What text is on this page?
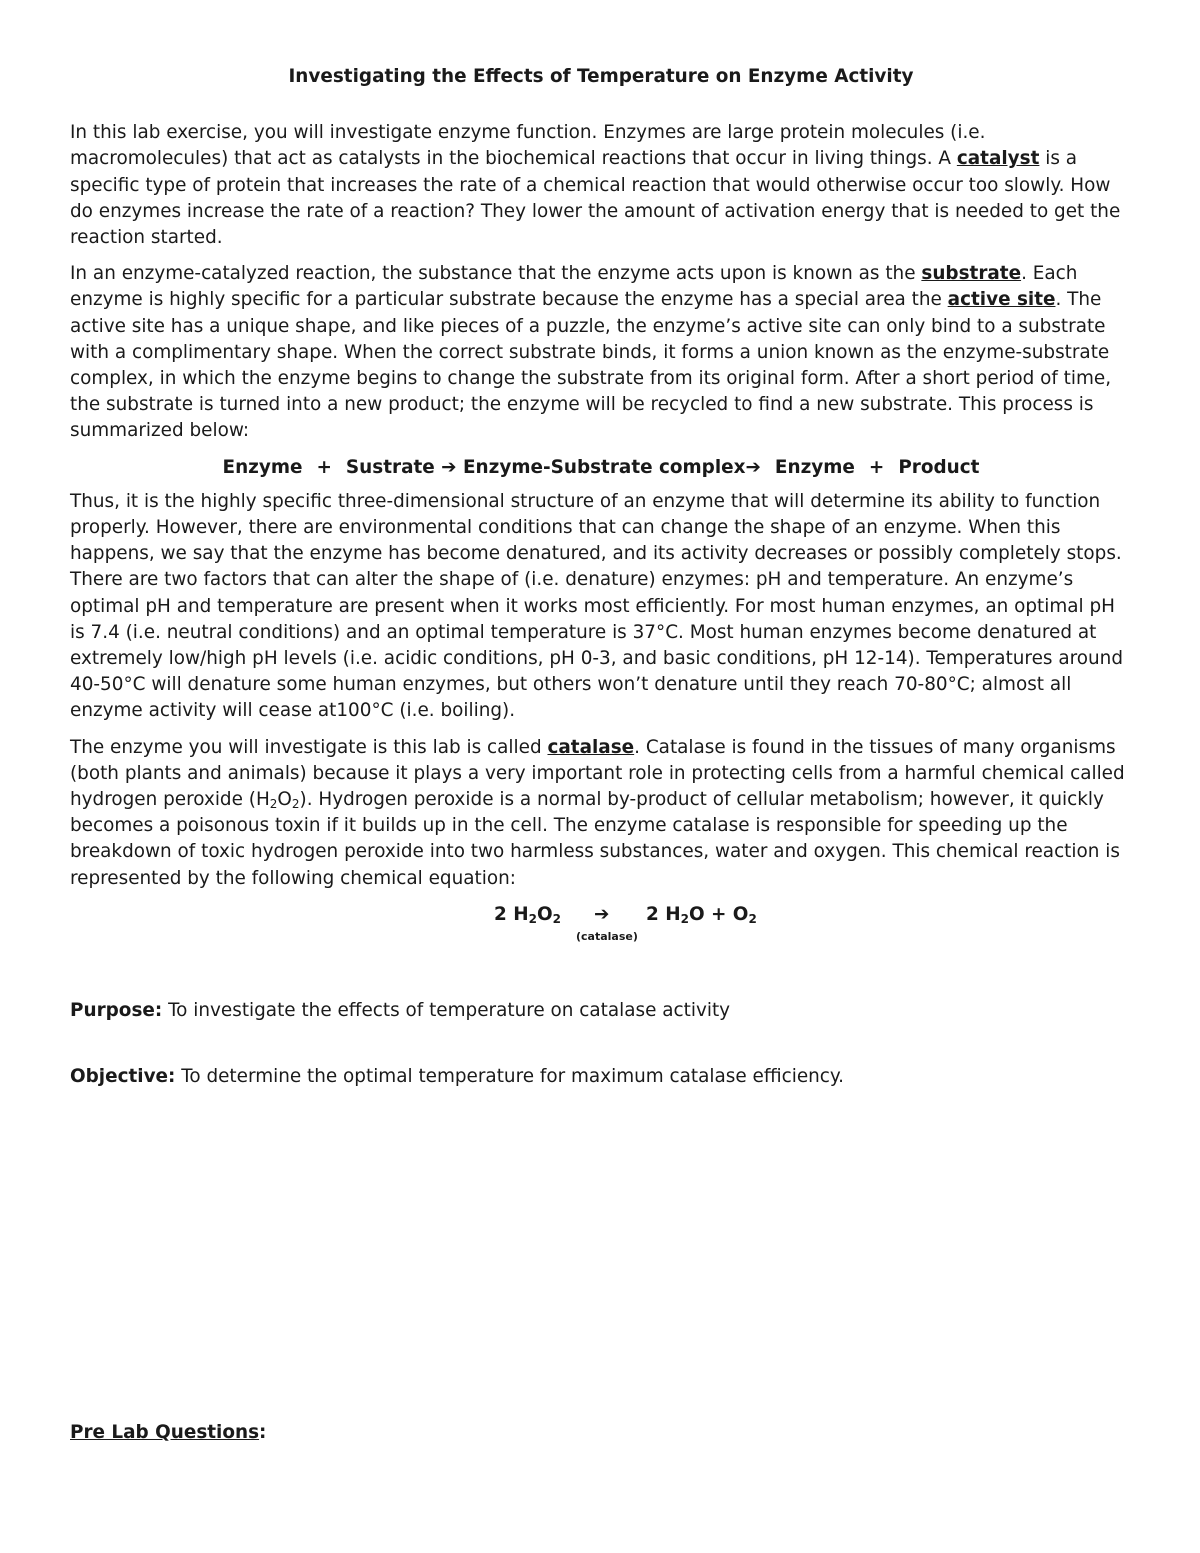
Investigating the Effects of Temperature on Enzyme Activity

In this lab exercise, you will investigate enzyme function. Enzymes are large protein molecules (i.e. macromolecules) that act as catalysts in the biochemical reactions that occur in living things. A catalyst is a specific type of protein that increases the rate of a chemical reaction that would otherwise occur too slowly. How do enzymes increase the rate of a reaction? They lower the amount of activation energy that is needed to get the reaction started.

In an enzyme-catalyzed reaction, the substance that the enzyme acts upon is known as the substrate. Each enzyme is highly specific for a particular substrate because the enzyme has a special area the active site. The active site has a unique shape, and like pieces of a puzzle, the enzyme’s active site can only bind to a substrate with a complimentary shape. When the correct substrate binds, it forms a union known as the enzyme-substrate complex, in which the enzyme begins to change the substrate from its original form. After a short period of time, the substrate is turned into a new product; the enzyme will be recycled to find a new substrate. This process is summarized below:

Enzyme + Sustrate ➔ Enzyme-Substrate complex➔ Enzyme + Product

Thus, it is the highly specific three-dimensional structure of an enzyme that will determine its ability to function properly. However, there are environmental conditions that can change the shape of an enzyme. When this happens, we say that the enzyme has become denatured, and its activity decreases or possibly completely stops. There are two factors that can alter the shape of (i.e. denature) enzymes: pH and temperature. An enzyme’s optimal pH and temperature are present when it works most efficiently. For most human enzymes, an optimal pH is 7.4 (i.e. neutral conditions) and an optimal temperature is 37°C. Most human enzymes become denatured at extremely low/high pH levels (i.e. acidic conditions, pH 0-3, and basic conditions, pH 12-14). Temperatures around 40-50°C will denature some human enzymes, but others won’t denature until they reach 70-80°C; almost all enzyme activity will cease at100°C (i.e. boiling).

The enzyme you will investigate is this lab is called catalase. Catalase is found in the tissues of many organisms (both plants and animals) because it plays a very important role in protecting cells from a harmful chemical called hydrogen peroxide $(H_2O_2)$. Hydrogen peroxide is a normal by-product of cellular metabolism; however, it quickly becomes a poisonous toxin if it builds up in the cell. The enzyme catalase is responsible for speeding up the breakdown of toxic hydrogen peroxide into two harmless substances, water and oxygen. This chemical reaction is represented by the following chemical equation:

2 $H_2O_2$ ➔
(catalase)
2 $H_2O + O_2$
Purpose: To investigate the effects of temperature on catalase activity
Objective: To determine the optimal temperature for maximum catalase efficiency.
Pre Lab Questions:
